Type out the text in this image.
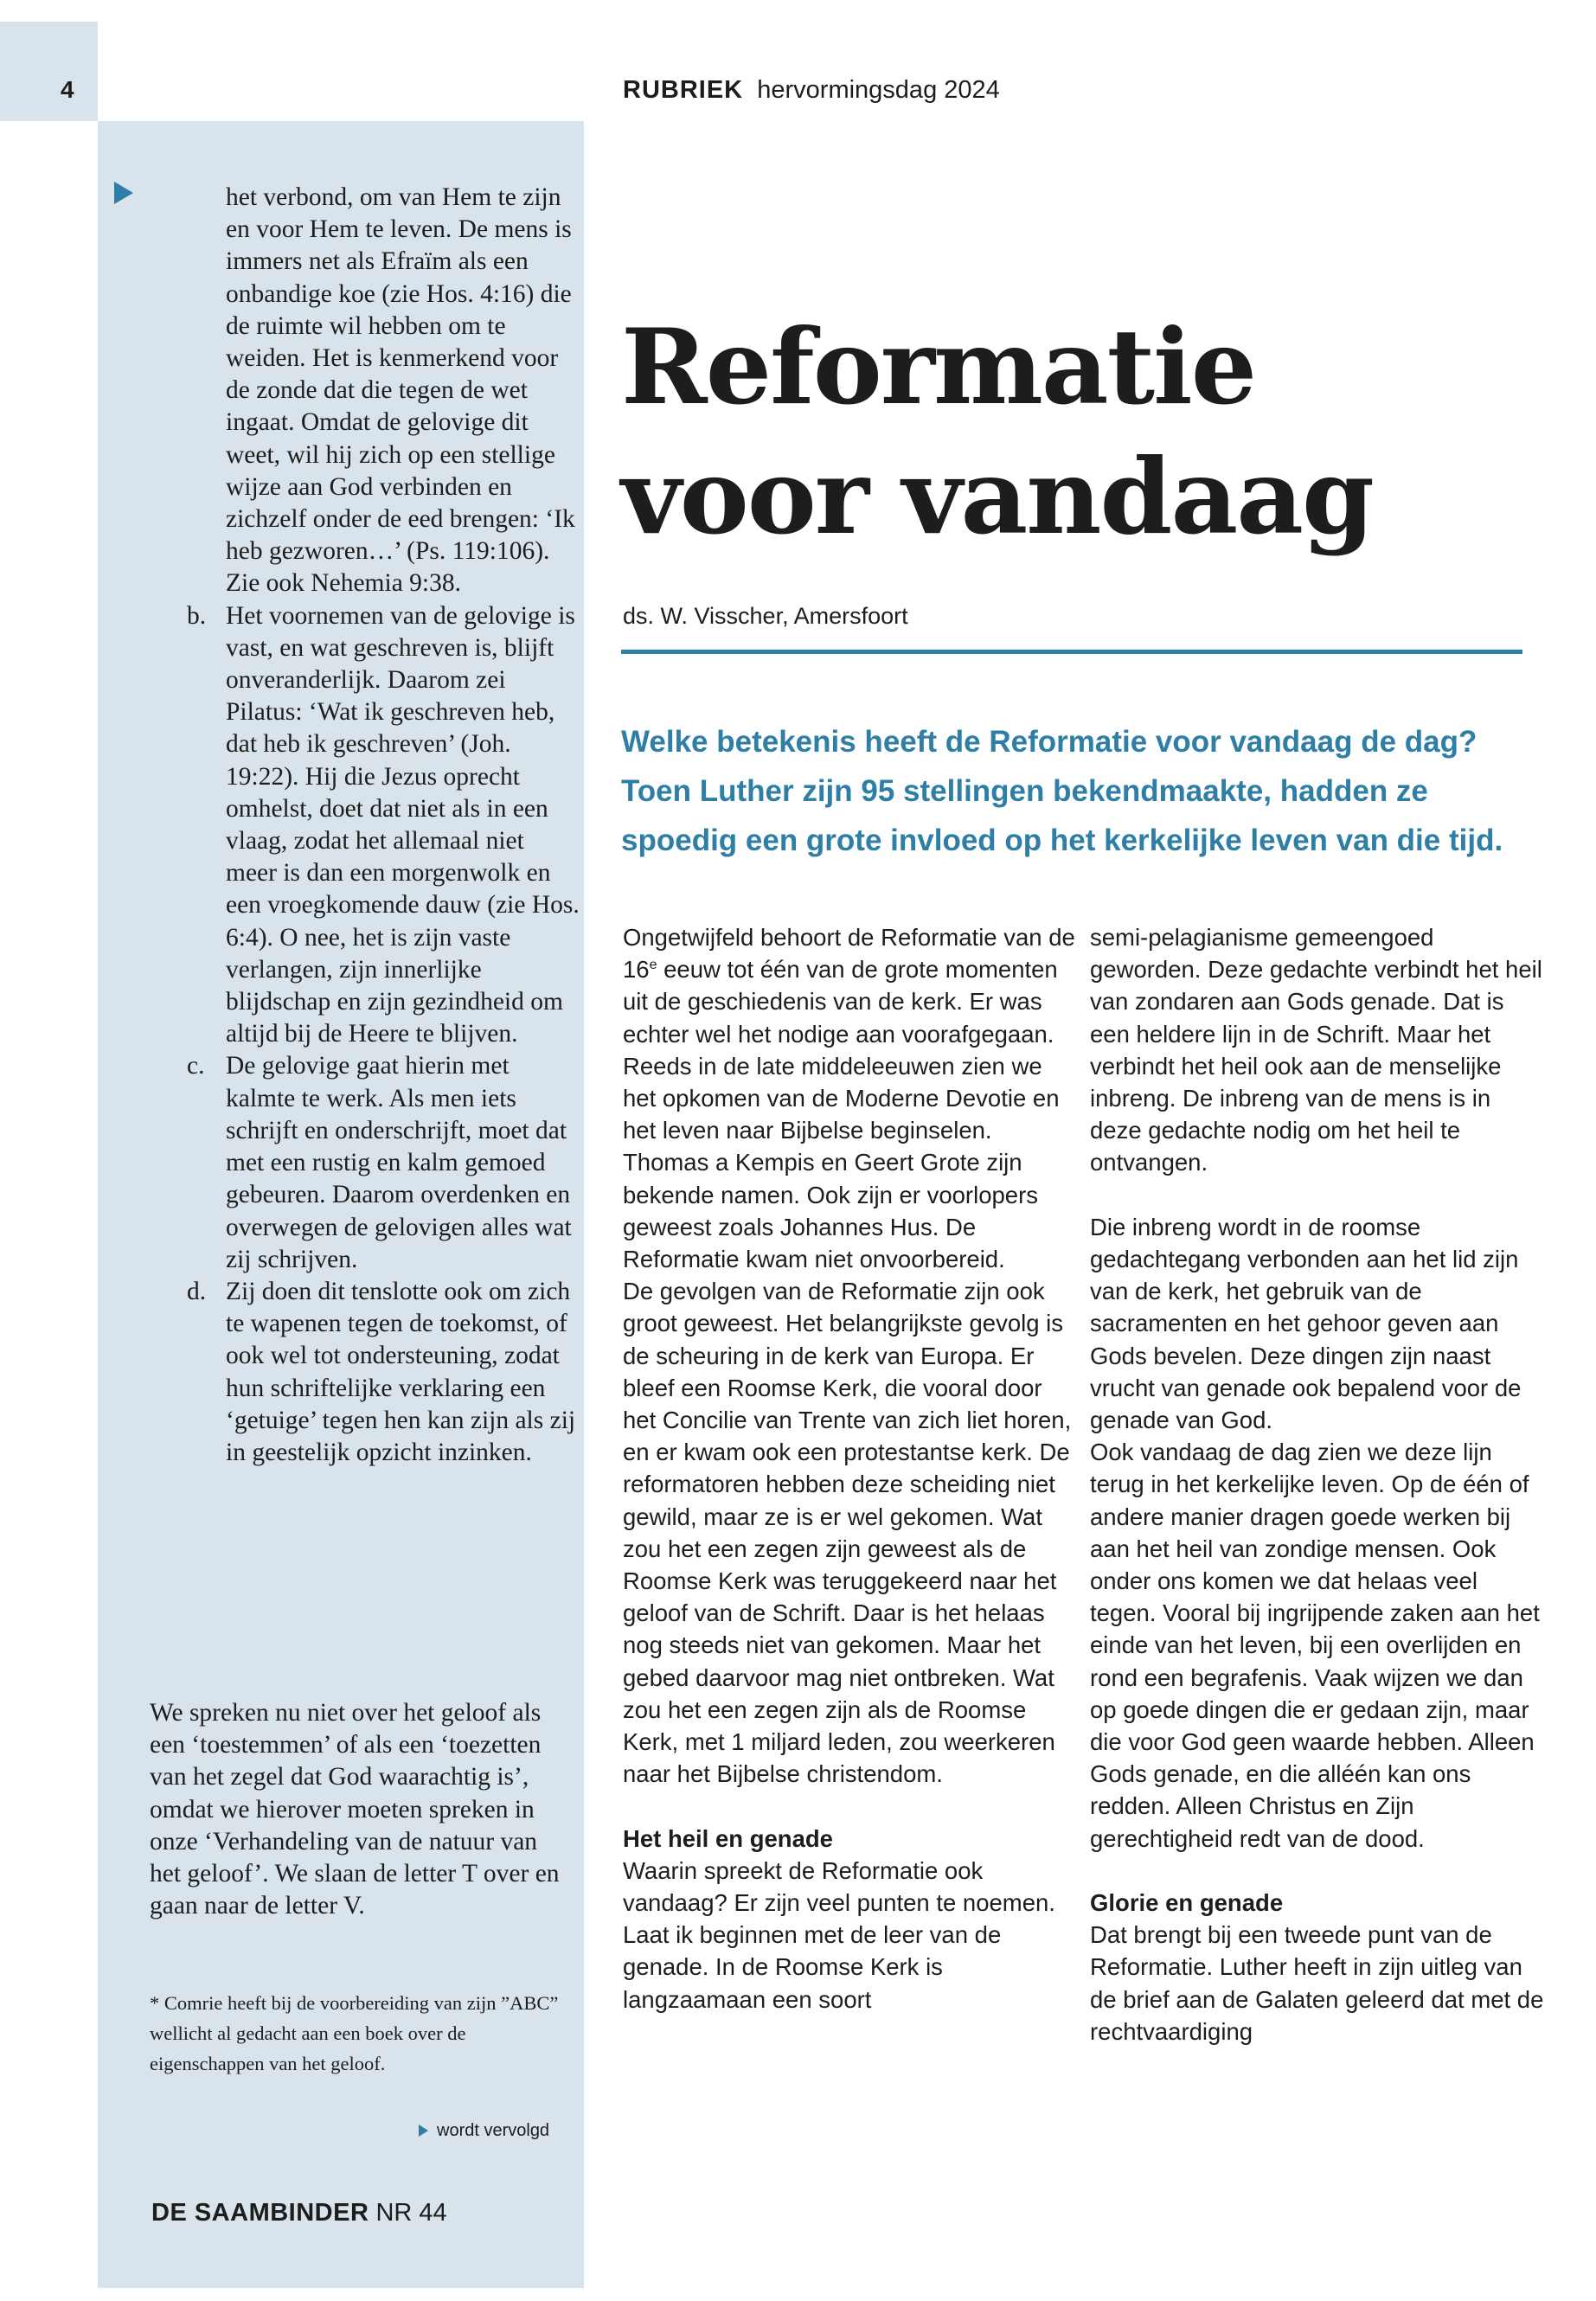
4	RUBRIEK hervormingsdag 2024
het verbond, om van Hem te zijn en voor Hem te leven. De mens is immers net als Efraïm als een onbandige koe (zie Hos. 4:16) die de ruimte wil hebben om te weiden. Het is kenmerkend voor de zonde dat die tegen de wet ingaat. Omdat de gelovige dit weet, wil hij zich op een stellige wijze aan God verbinden en zichzelf onder de eed brengen: ‘Ik heb gezworen…’ (Ps. 119:106). Zie ook Nehemia 9:38.
b. Het voornemen van de gelovige is vast, en wat geschreven is, blijft onveranderlijk. Daarom zei Pilatus: ‘Wat ik geschreven heb, dat heb ik geschreven’ (Joh. 19:22). Hij die Jezus oprecht omhelst, doet dat niet als in een vlaag, zodat het allemaal niet meer is dan een morgenwolk en een vroegkomende dauw (zie Hos. 6:4). O nee, het is zijn vaste verlangen, zijn innerlijke blijdschap en zijn gezindheid om altijd bij de Heere te blijven.
c. De gelovige gaat hierin met kalmte te werk. Als men iets schrijft en onderschrijft, moet dat met een rustig en kalm gemoed gebeuren. Daarom overdenken en overwegen de gelovigen alles wat zij schrijven.
d. Zij doen dit tenslotte ook om zich te wapenen tegen de toekomst, of ook wel tot ondersteuning, zodat hun schriftelijke verklaring een ‘getuige’ tegen hen kan zijn als zij in geestelijk opzicht inzinken.
We spreken nu niet over het geloof als een ‘toestemmen’ of als een ‘toezetten van het zegel dat God waarachtig is’, omdat we hierover moeten spreken in onze ‘Verhandeling van de natuur van het geloof’. We slaan de letter T over en gaan naar de letter V.
* Comrie heeft bij de voorbereiding van zijn ”ABC” wellicht al gedacht aan een boek over de eigenschappen van het geloof.
wordt vervolgd
DE SAAMBINDER NR 44
Reformatie
voor vandaag
ds. W. Visscher, Amersfoort
Welke betekenis heeft de Reformatie voor vandaag de dag? Toen Luther zijn 95 stellingen bekendmaakte, hadden ze spoedig een grote invloed op het kerkelijke leven van die tijd.

Ongetwijfeld behoort de Reformatie van de 16e eeuw tot één van de grote momenten uit de geschiedenis van de kerk. Er was echter wel het nodige aan voorafgegaan. Reeds in de late middeleeuwen zien we het opkomen van de Moderne Devotie en het leven naar Bijbelse beginselen. Thomas a Kempis en Geert Grote zijn bekende namen. Ook zijn er voorlopers geweest zoals Johannes Hus. De Reformatie kwam niet onvoorbereid.

De gevolgen van de Reformatie zijn ook groot geweest. Het belangrijkste gevolg is de scheuring in de kerk van Europa. Er bleef een Roomse Kerk, die vooral door het Concilie van Trente van zich liet horen, en er kwam ook een protestantse kerk. De reformatoren hebben deze scheiding niet gewild, maar ze is er wel gekomen. Wat zou het een zegen zijn geweest als de Roomse Kerk was teruggekeerd naar het geloof van de Schrift. Daar is het helaas nog steeds niet van gekomen. Maar het gebed daarvoor mag niet ontbreken. Wat zou het een zegen zijn als de Roomse Kerk, met 1 miljard leden, zou weerkeren naar het Bijbelse christendom.

Het heil en genade

Waarin spreekt de Reformatie ook vandaag? Er zijn veel punten te noemen. Laat ik beginnen met de leer van de genade. In de Roomse Kerk is langzaamaan een soort

semi-pelagianisme gemeengoed geworden. Deze gedachte verbindt het heil van zondaren aan Gods genade. Dat is een heldere lijn in de Schrift. Maar het verbindt het heil ook aan de menselijke inbreng. De inbreng van de mens is in deze gedachte nodig om het heil te ontvangen.

Die inbreng wordt in de roomse gedachtegang verbonden aan het lid zijn van de kerk, het gebruik van de sacramenten en het gehoor geven aan Gods bevelen. Deze dingen zijn naast vrucht van genade ook bepalend voor de genade van God.

Ook vandaag de dag zien we deze lijn terug in het kerkelijke leven. Op de één of andere manier dragen goede werken bij aan het heil van zondige mensen. Ook onder ons komen we dat helaas veel tegen. Vooral bij ingrijpende zaken aan het einde van het leven, bij een overlijden en rond een begrafenis. Vaak wijzen we dan op goede dingen die er gedaan zijn, maar die voor God geen waarde hebben. Alleen Gods genade, en die alléén kan ons redden. Alleen Christus en Zijn gerechtigheid redt van de dood.

Glorie en genade

Dat brengt bij een tweede punt van de Reformatie. Luther heeft in zijn uitleg van de brief aan de Galaten geleerd dat met de rechtvaardiging
